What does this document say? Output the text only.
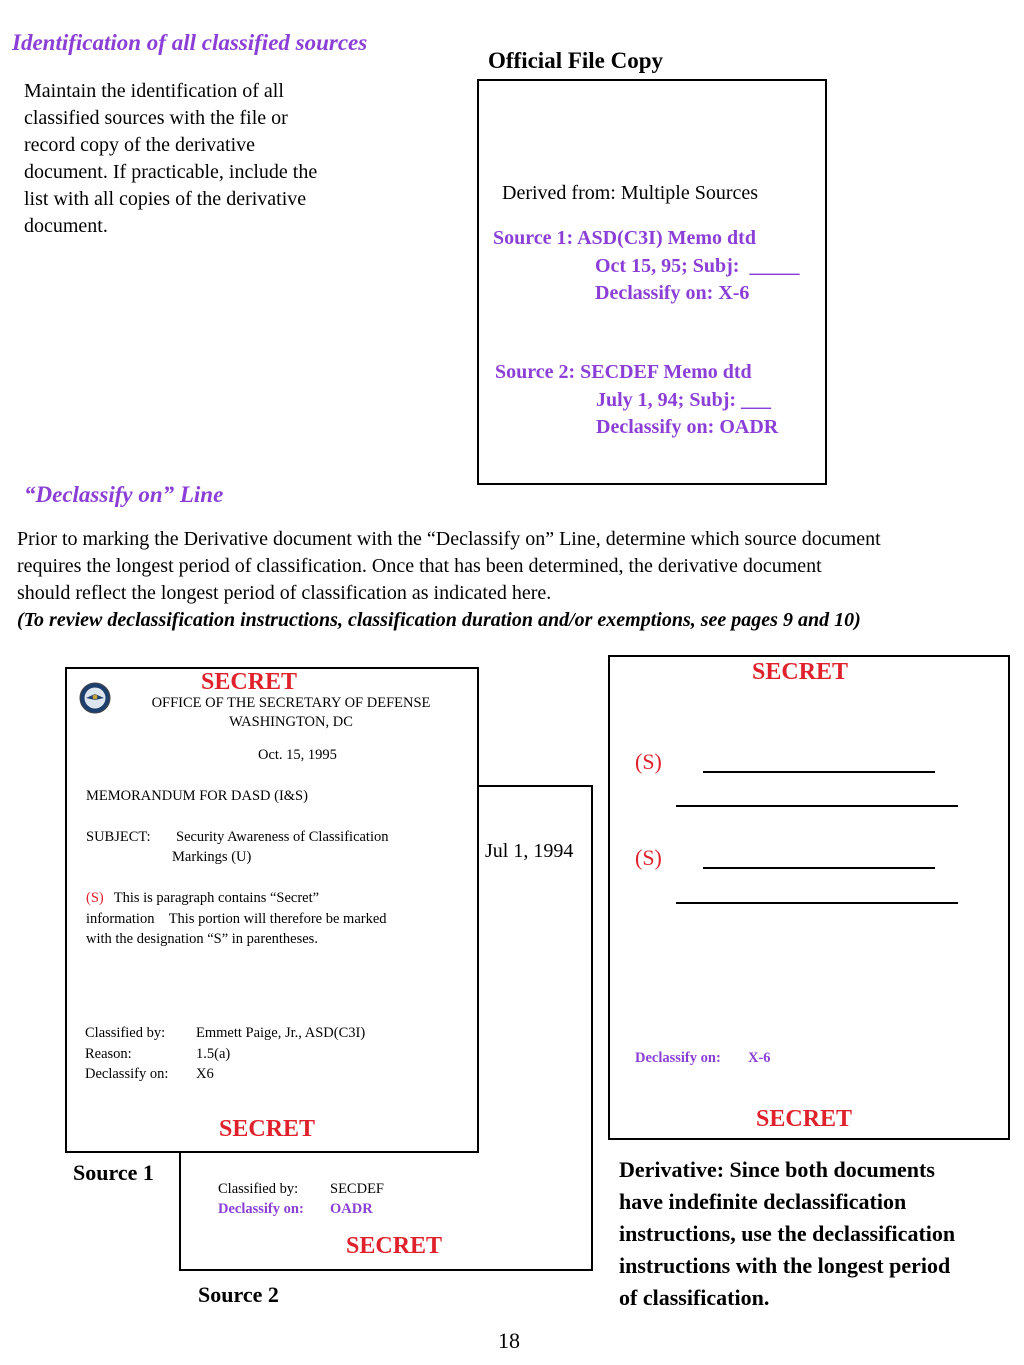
Identification of all classified sources
Maintain the identification of all
classified sources with the file or
record copy of the derivative
document. If practicable, include the
list with all copies of the derivative
document.
Official File Copy
Derived from: Multiple Sources
Source 1: ASD(C3I) Memo dtd
Oct 15, 95; Subj:  _____
Declassify on: X-6
Source 2: SECDEF Memo dtd
July 1, 94; Subj: ___
Declassify on: OADR
“Declassify on” Line
Prior to marking the Derivative document with the “Declassify on” Line, determine which source document
requires the longest period of classification. Once that has been determined, the derivative document
should reflect the longest period of classification as indicated here.
(To review declassification instructions, classification duration and/or exemptions, see pages 9 and 10)
Jul 1, 1994
Classified by: SECDEF
Declassify on: OADR
SECRET
Source 2
SECRET
OFFICE OF THE SECRETARY OF DEFENSE
WASHINGTON, DC
Oct. 15, 1995
MEMORANDUM FOR DASD (I&S)
SUBJECT: Security Awareness of Classification
Markings (U)
(S) This is paragraph contains “Secret”
information    This portion will therefore be marked
with the designation “S” in parentheses.
Classified by: Emmett Paige, Jr., ASD(C3I)
Reason:	1.5(a)
Declassify on: X6
SECRET
Source 1
SECRET
(S)
(S)
Declassify on: X-6
SECRET
Derivative: Since both documents
have indefinite declassification
instructions, use the declassification
instructions with the longest period
of classification.
18
